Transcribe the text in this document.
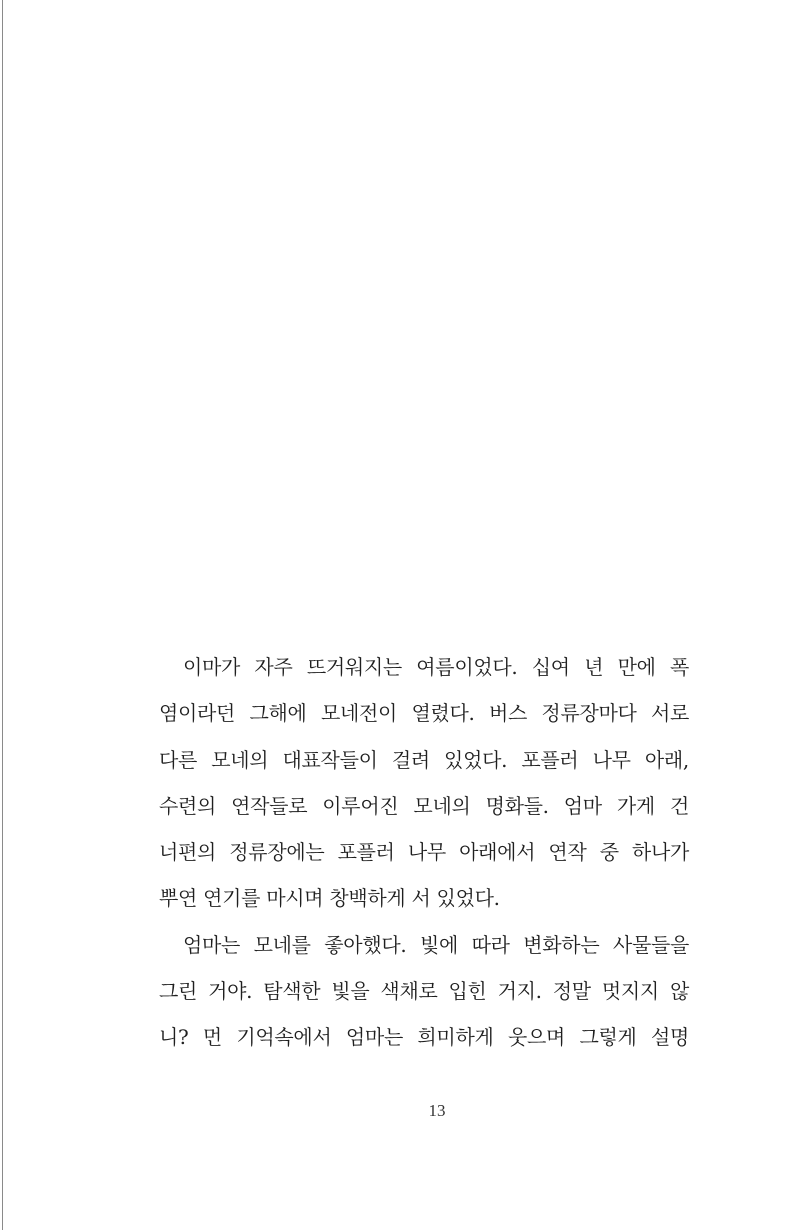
이마가 자주 뜨거워지는 여름이었다. 십여 년 만에 폭
염이라던 그해에 모네전이 열렸다. 버스 정류장마다 서로
다른 모네의 대표작들이 걸려 있었다. 포플러 나무 아래,
수련의 연작들로 이루어진 모네의 명화들. 엄마 가게 건
너편의 정류장에는 포플러 나무 아래에서 연작 중 하나가
뿌연 연기를 마시며 창백하게 서 있었다.
엄마는 모네를 좋아했다. 빛에 따라 변화하는 사물들을
그린 거야. 탐색한 빛을 색채로 입힌 거지. 정말 멋지지 않
니? 먼 기억속에서 엄마는 희미하게 웃으며 그렇게 설명
13
